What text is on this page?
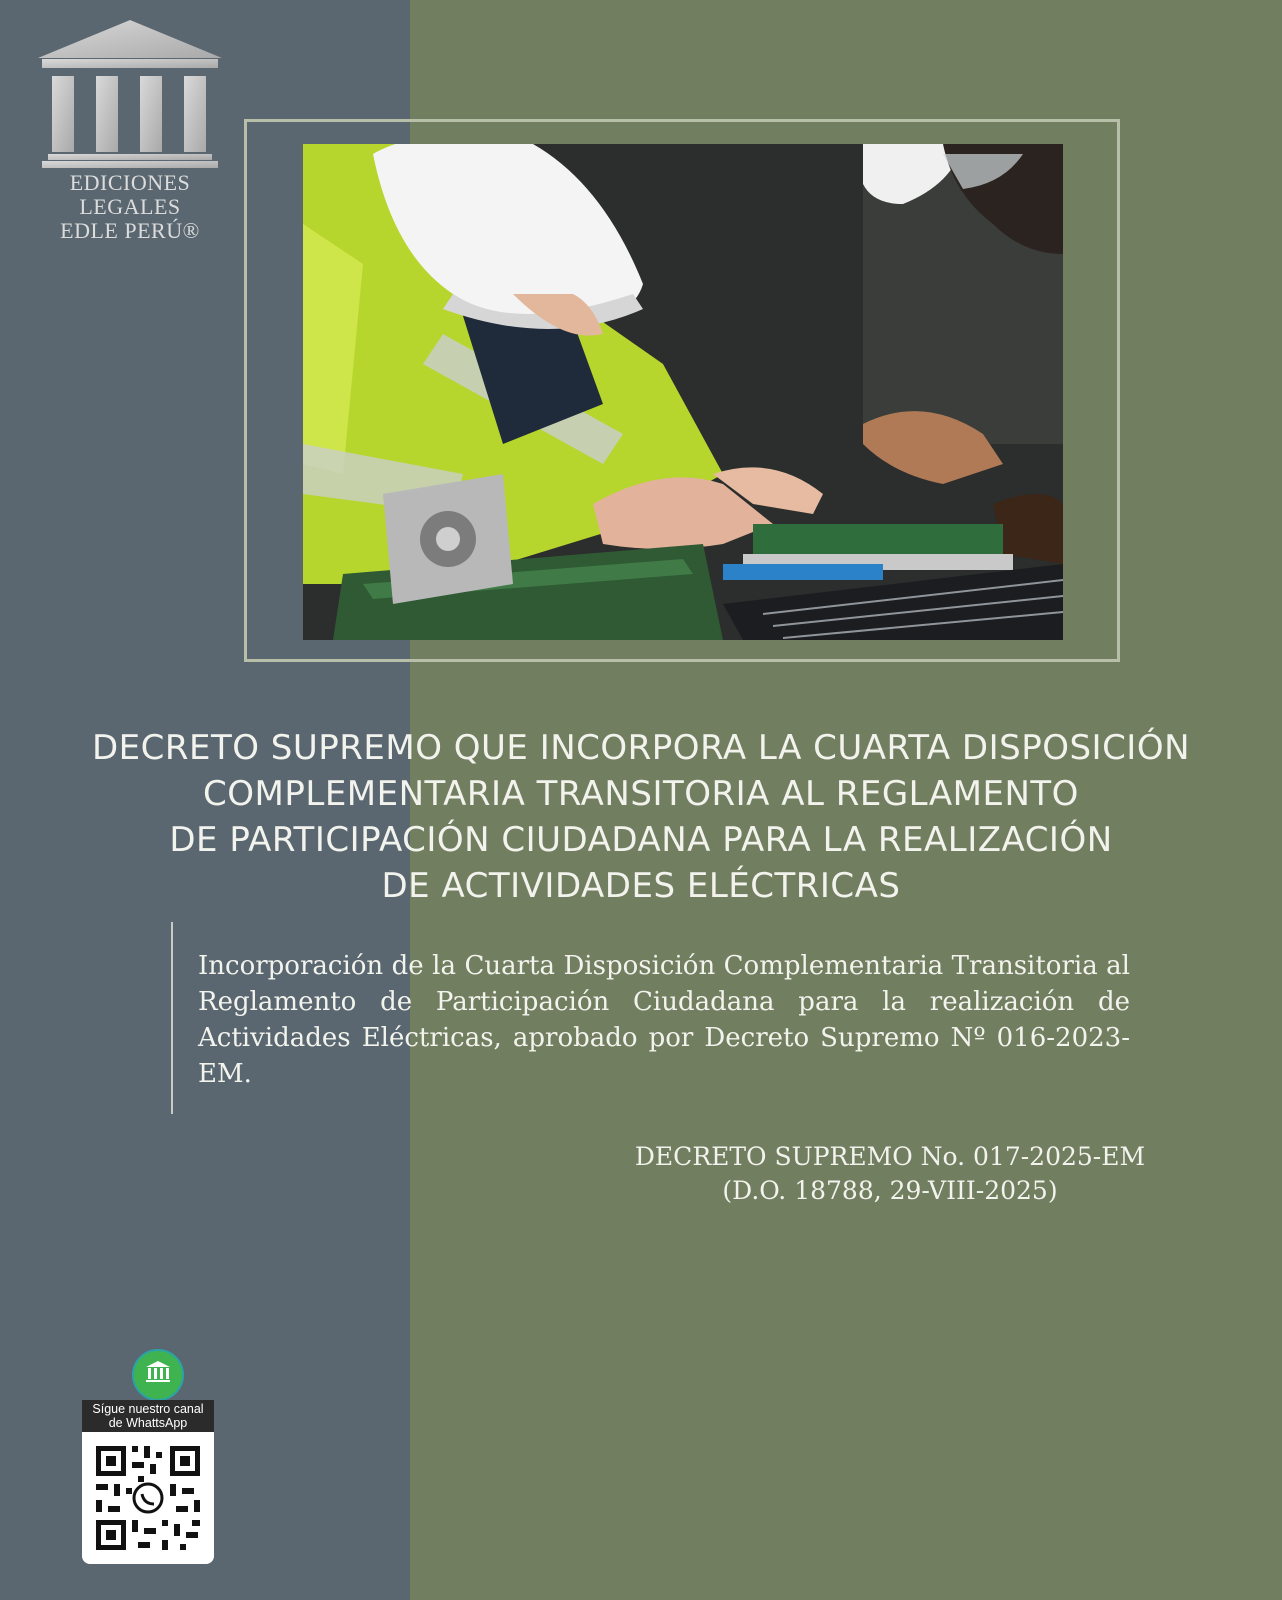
EDICIONES
LEGALES
EDLE PERÚ®
DECRETO SUPREMO QUE INCORPORA LA CUARTA DISPOSICIÓN
COMPLEMENTARIA TRANSITORIA AL REGLAMENTO
DE PARTICIPACIÓN CIUDADANA PARA LA REALIZACIÓN
DE ACTIVIDADES ELÉCTRICAS
Incorporación de la Cuarta Disposición Complementaria Transitoria al Reglamento de Participación Ciudadana para la realización de Actividades Eléctricas, aprobado por Decreto Supremo Nº 016-2023-EM.
DECRETO SUPREMO No. 017-2025-EM
(D.O. 18788, 29-VIII-2025)
Sígue nuestro canal
de WhattsApp
